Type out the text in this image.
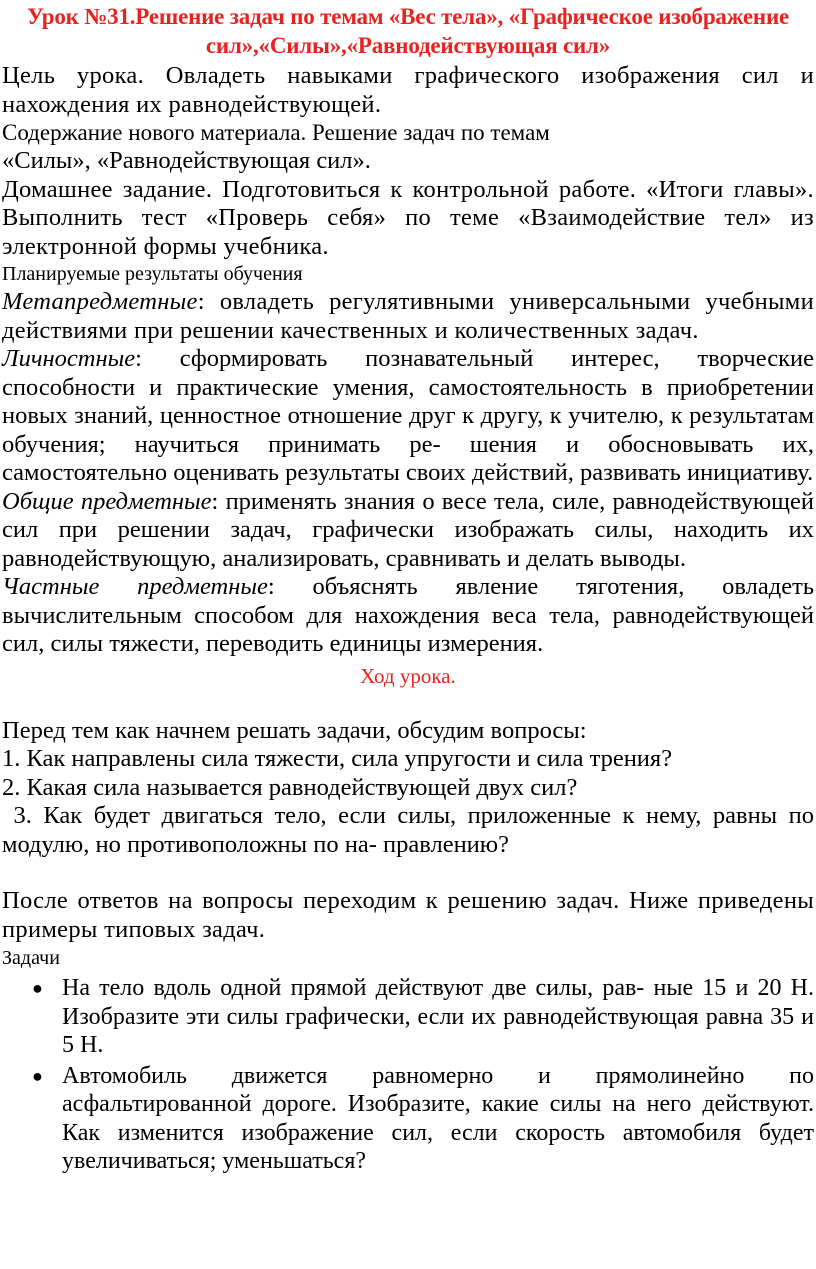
Урок №31.Решение задач по темам «Вес тела», «Графическое изображение сил»,«Силы»,«Равнодействующая сил»

Цель урока. Овладеть навыками графического изображения сил и нахождения их равнодействующей.

Содержание нового материала. Решение задач по темам

«Силы», «Равнодействующая сил».

Домашнее задание. Подготовиться к контрольной работе. «Итоги главы». Выполнить тест «Проверь себя» по теме «Взаимодействие тел» из электронной формы учебника.

Планируемые результаты обучения

Метапредметные: овладеть регулятивными универсальными учебными действиями при решении качественных и количественных задач.

Личностные: сформировать познавательный интерес, творческие способности и практические умения, самостоятельность в приобретении новых знаний, ценностное отношение друг к другу, к учителю, к результатам обучения; научиться принимать ре- шения и обосновывать их, самостоятельно оценивать результаты своих действий, развивать инициативу.

Общие предметные: применять знания о весе тела, силе, равнодействующей сил при решении задач, графически изображать силы, находить их равнодействующую, анализировать, сравнивать и делать выводы.

Частные предметные: объяснять явление тяготения, овладеть вычислительным способом для нахождения веса тела, равнодействующей сил, силы тяжести, переводить единицы измерения.

Ход урока.

Перед тем как начнем решать задачи, обсудим вопросы:

1. Как направлены сила тяжести, сила упругости и сила трения?

2. Какая сила называется равнодействующей двух сил?

3. Как будет двигаться тело, если силы, приложенные к нему, равны по модулю, но противоположны по на- правлению?

После ответов на вопросы переходим к решению задач. Ниже приведены примеры типовых задач.

Задачи

● На тело вдоль одной прямой действуют две силы, рав- ные 15 и 20 Н. Изобразите эти силы графически, если их равнодействующая равна 35 и 5 Н.
● Автомобиль движется равномерно и прямолинейно по асфальтированной дороге. Изобразите, какие силы на него действуют. Как изменится изображение сил, если скорость автомобиля будет увеличиваться; уменьшаться?
